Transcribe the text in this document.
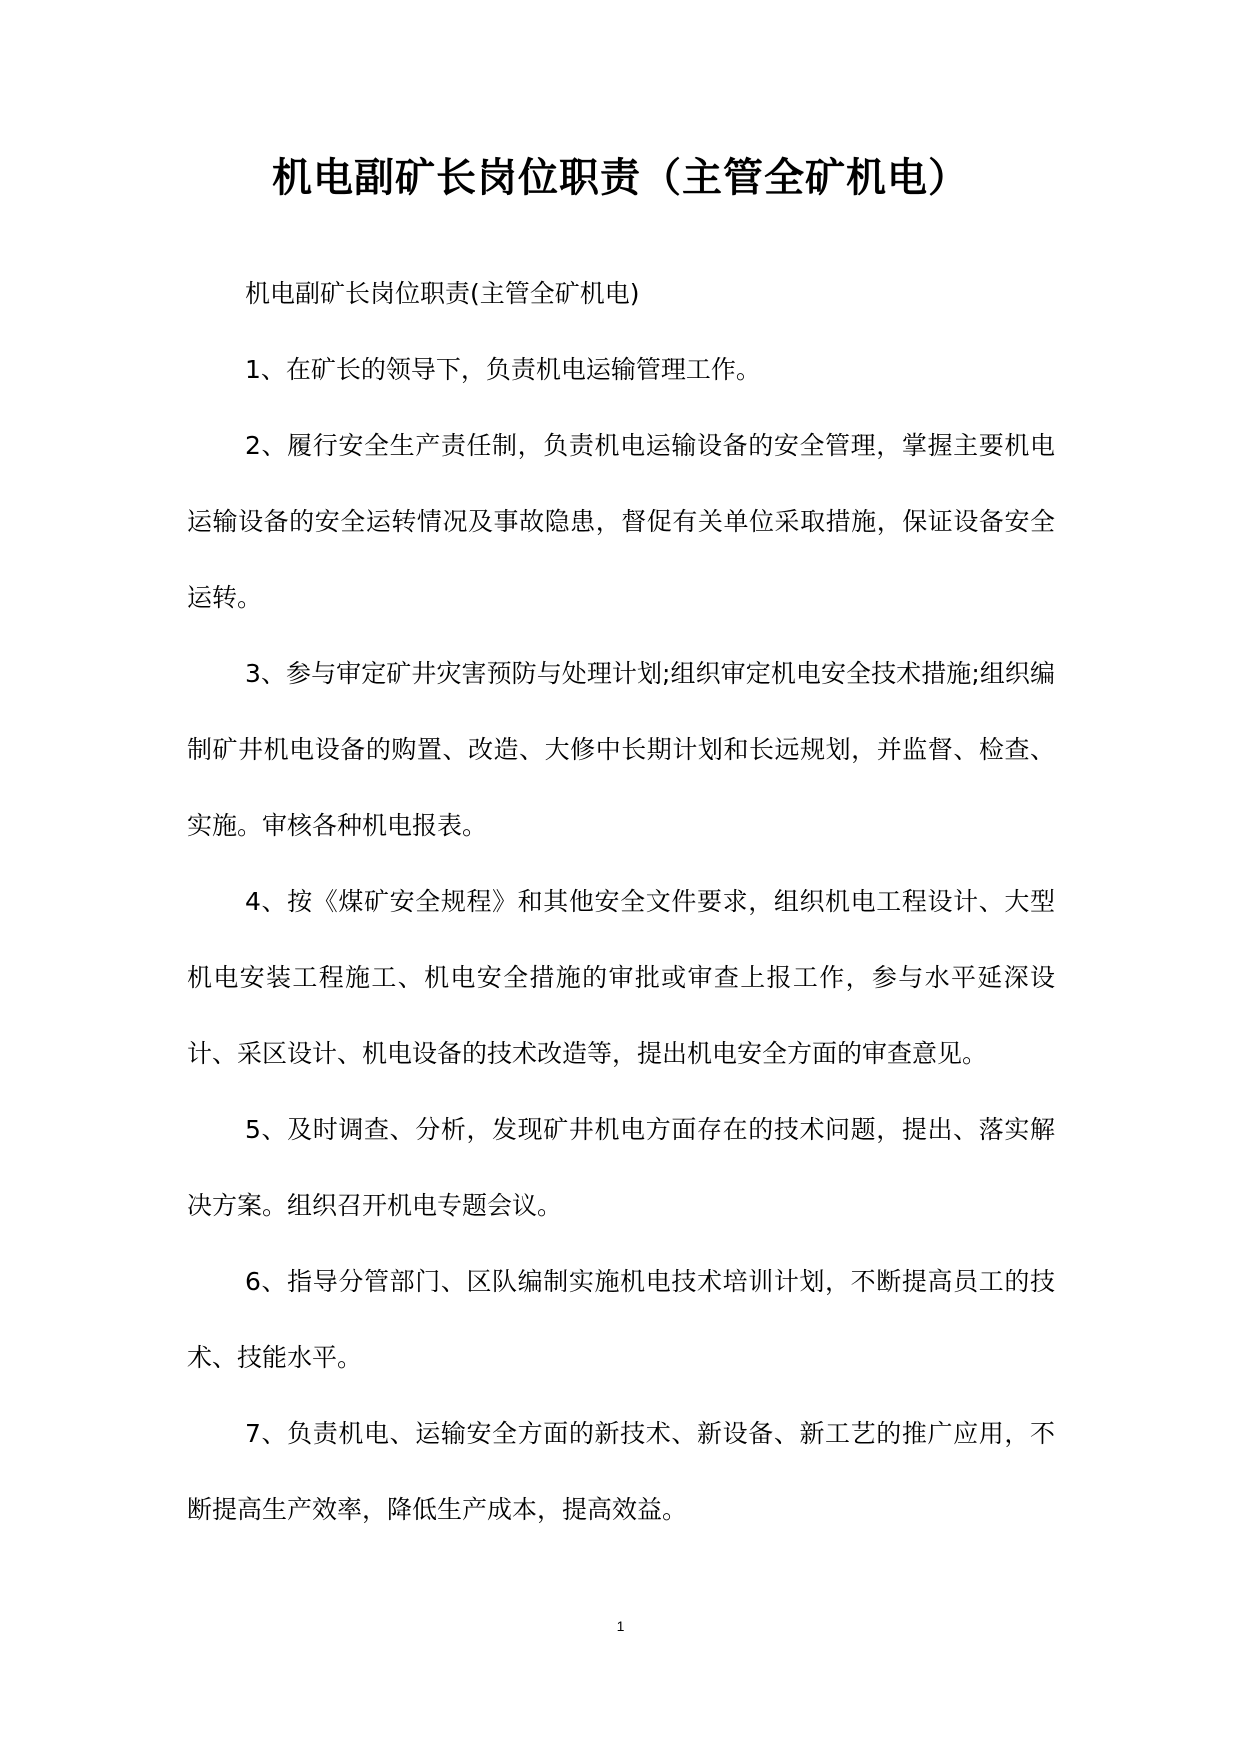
机电副矿长岗位职责（主管全矿机电）

机电副矿长岗位职责(主管全矿机电)

1、在矿长的领导下，负责机电运输管理工作。

2、履行安全生产责任制，负责机电运输设备的安全管理，掌握主要机电运输设备的安全运转情况及事故隐患，督促有关单位采取措施，保证设备安全运转。

3、参与审定矿井灾害预防与处理计划;组织审定机电安全技术措施;组织编制矿井机电设备的购置、改造、大修中长期计划和长远规划，并监督、检查、实施。审核各种机电报表。

4、按《煤矿安全规程》和其他安全文件要求，组织机电工程设计、大型机电安装工程施工、机电安全措施的审批或审查上报工作，参与水平延深设计、采区设计、机电设备的技术改造等，提出机电安全方面的审查意见。

5、及时调查、分析，发现矿井机电方面存在的技术问题，提出、落实解决方案。组织召开机电专题会议。

6、指导分管部门、区队编制实施机电技术培训计划，不断提高员工的技术、技能水平。

7、负责机电、运输安全方面的新技术、新设备、新工艺的推广应用，不断提高生产效率，降低生产成本，提高效益。

1
